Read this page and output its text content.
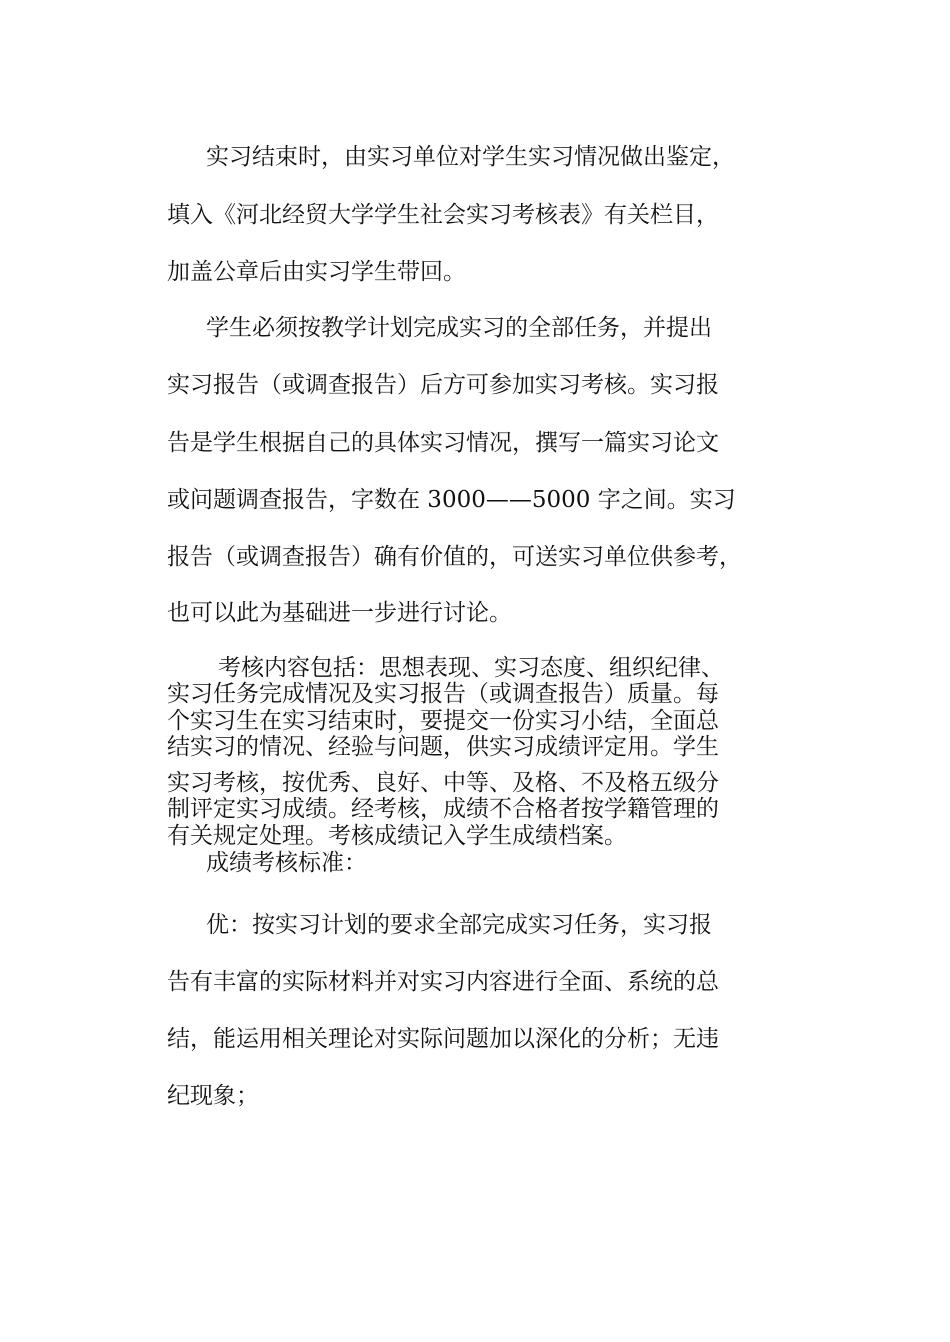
实习结束时，由实习单位对学生实习情况做出鉴定，
填入《河北经贸大学学生社会实习考核表》有关栏目，
加盖公章后由实习学生带回。
学生必须按教学计划完成实习的全部任务，并提出
实习报告（或调查报告）后方可参加实习考核。实习报
告是学生根据自己的具体实习情况，撰写一篇实习论文
或问题调查报告，字数在 3000——5000 字之间。实习
报告（或调查报告）确有价值的，可送实习单位供参考，
也可以此为基础进一步进行讨论。
考核内容包括：思想表现、实习态度、组织纪律、
实习任务完成情况及实习报告（或调查报告）质量。每
个实习生在实习结束时，要提交一份实习小结，全面总
结实习的情况、经验与问题，供实习成绩评定用。学生
实习考核，按优秀、良好、中等、及格、不及格五级分
制评定实习成绩。经考核，成绩不合格者按学籍管理的
有关规定处理。考核成绩记入学生成绩档案。
成绩考核标准：
优：按实习计划的要求全部完成实习任务，实习报
告有丰富的实际材料并对实习内容进行全面、系统的总
结，能运用相关理论对实际问题加以深化的分析；无违
纪现象；
